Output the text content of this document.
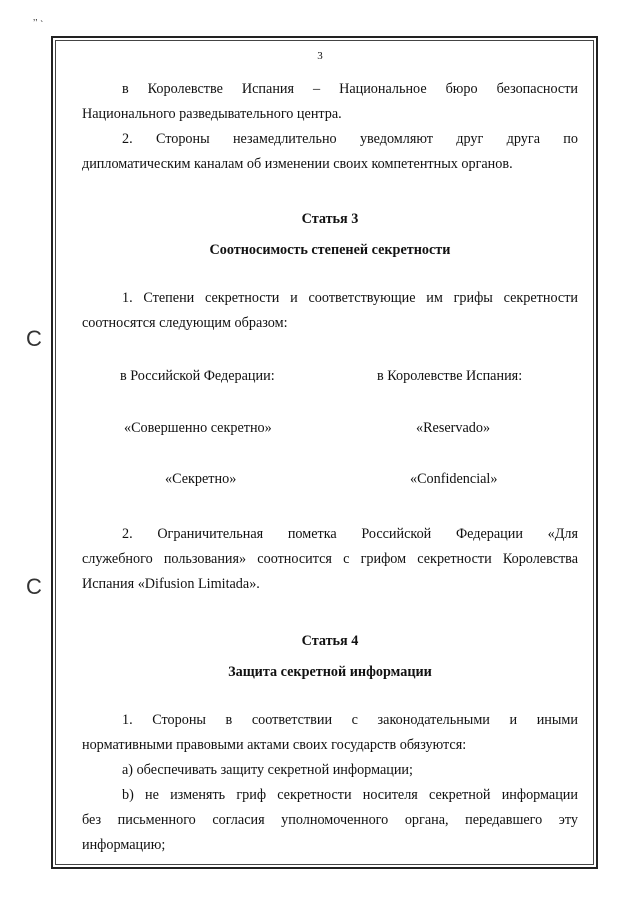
‚‚ ˎ
C
C
3
в Королевстве Испания – Национальное бюро безопасности
Национального разведывательного центра.
2. Стороны незамедлительно уведомляют друг друга по
дипломатическим каналам об изменении своих компетентных органов.
Статья 3
Соотносимость степеней секретности
1. Степени секретности и соответствующие им грифы секретности
соотносятся следующим образом:
в Российской Федерации:	в Королевстве Испания:
«Совершенно секретно»	«Reservado»
«Секретно»	«Confidencial»
2. Ограничительная пометка Российской Федерации «Для
служебного пользования» соотносится с грифом секретности Королевства
Испания «Difusion Limitada».
Статья 4
Защита секретной информации
1. Стороны в соответствии с законодательными и иными
нормативными правовыми актами своих государств обязуются:
а) обеспечивать защиту секретной информации;
b) не изменять гриф секретности носителя секретной информации
без письменного согласия уполномоченного органа, передавшего эту
информацию;
